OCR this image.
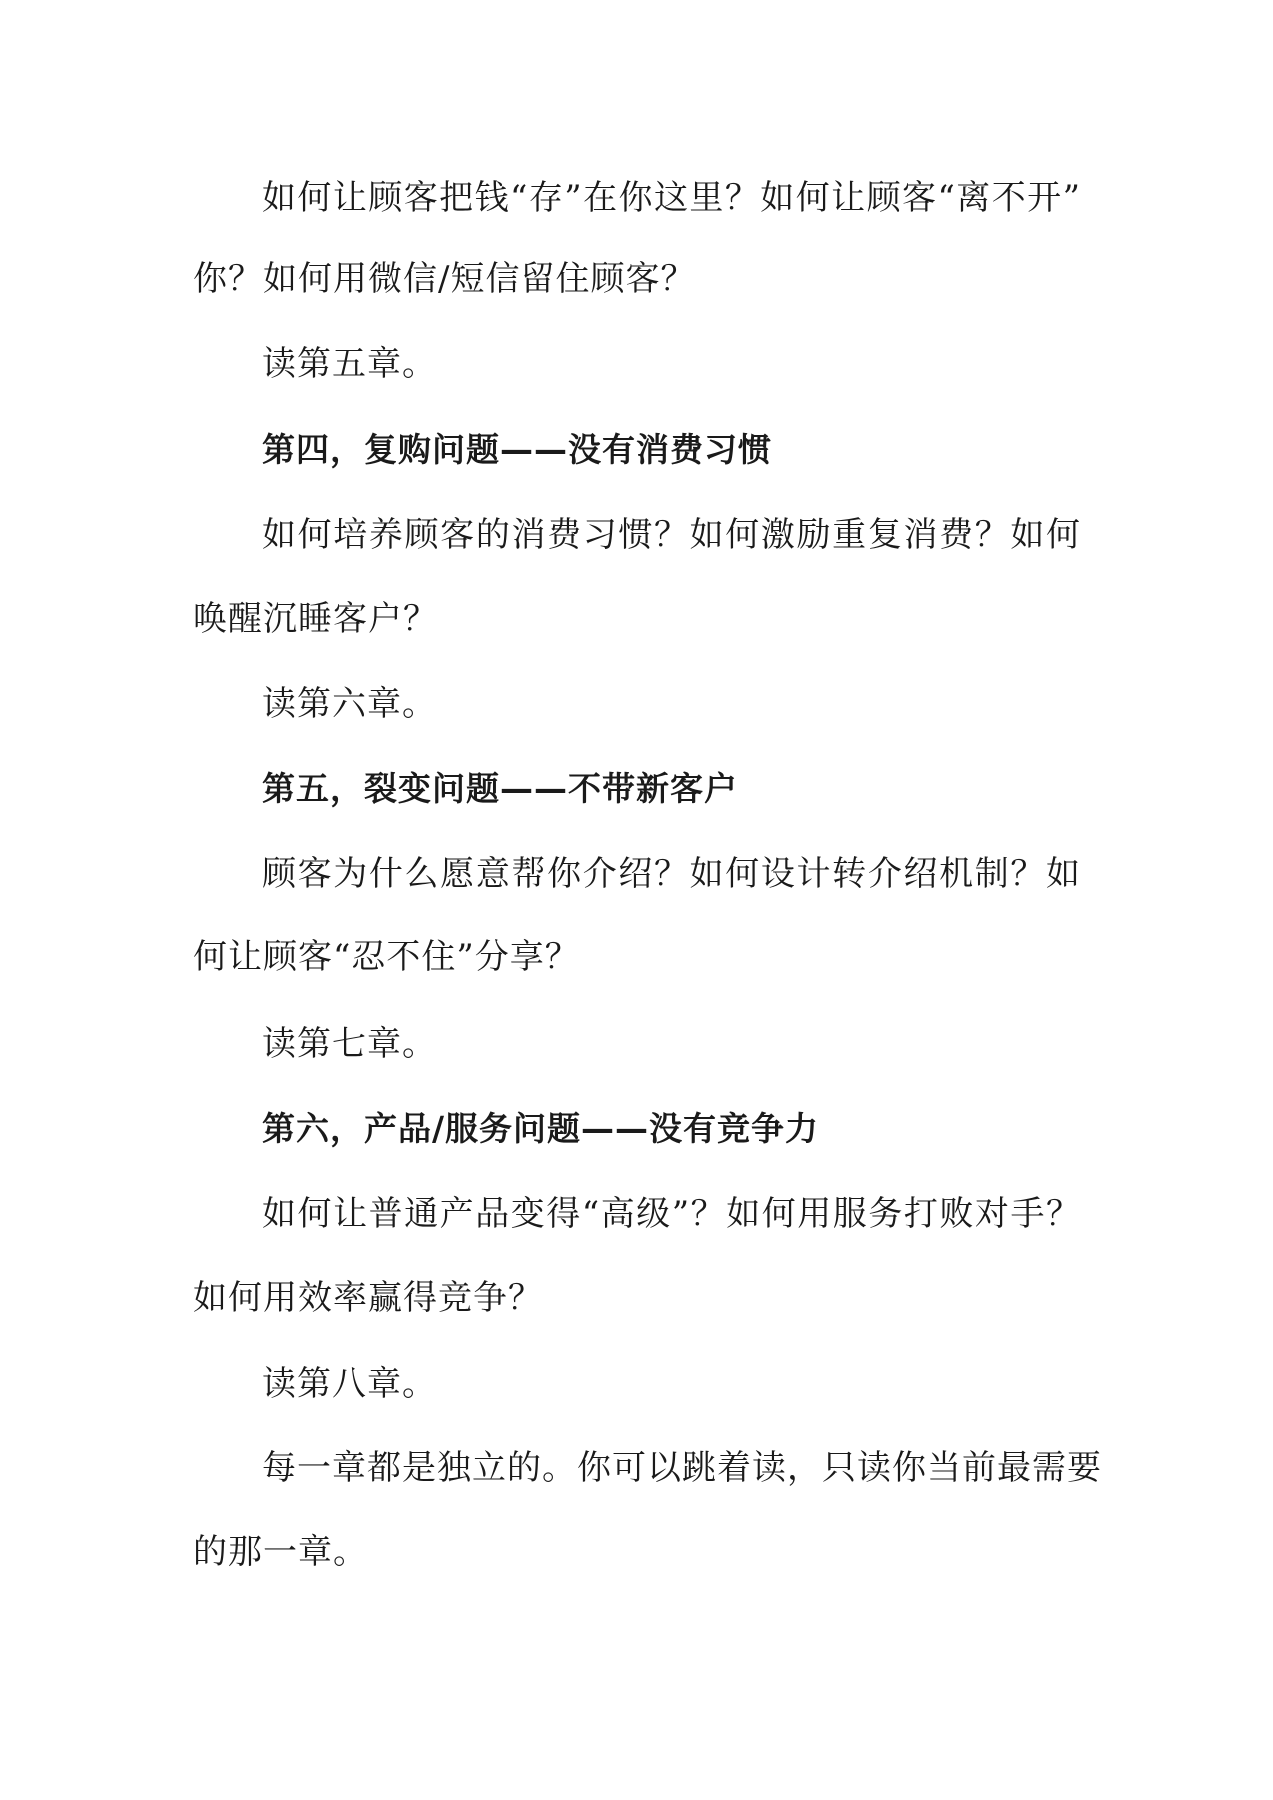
如何让顾客把钱“存”在你这里？如何让顾客“离不开”
你？如何用微信/短信留住顾客？
读第五章。
第四，复购问题——没有消费习惯
如何培养顾客的消费习惯？如何激励重复消费？如何
唤醒沉睡客户？
读第六章。
第五，裂变问题——不带新客户
顾客为什么愿意帮你介绍？如何设计转介绍机制？如
何让顾客“忍不住”分享？
读第七章。
第六，产品/服务问题——没有竞争力
如何让普通产品变得“高级”？如何用服务打败对手？
如何用效率赢得竞争？
读第八章。
每一章都是独立的。你可以跳着读，只读你当前最需要
的那一章。
